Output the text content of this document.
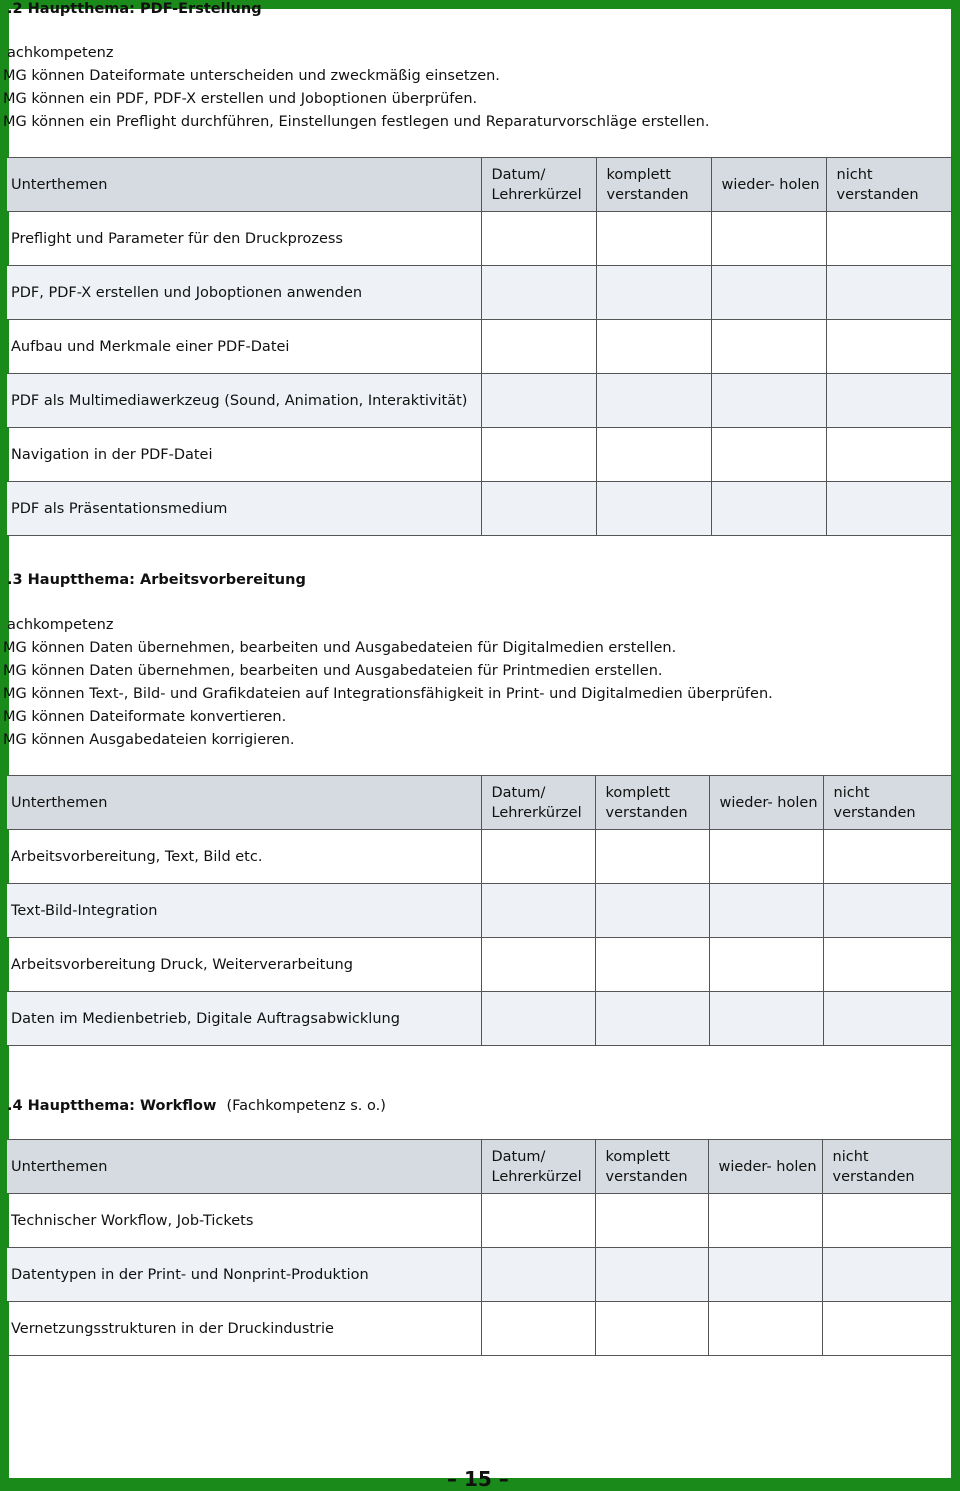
.2 Hauptthema: PDF-Erstellung
achkompetenz
MG können Dateiformate unterscheiden und zweckmäßig einsetzen.
MG können ein PDF, PDF-X erstellen und Joboptionen überprüfen.
MG können ein Preflight durchführen, Einstellungen festlegen und Reparaturvorschläge erstellen.
Unterthemen	Datum/ Lehrerkürzel	komplett verstanden	wieder- holen	nicht verstanden
Preflight und Parameter für den Druckprozess				
PDF, PDF-X erstellen und Joboptionen anwenden				
Aufbau und Merkmale einer PDF-Datei				
PDF als Multimediawerkzeug (Sound, Animation, Interaktivität)				
Navigation in der PDF-Datei				
PDF als Präsentationsmedium				
.3 Hauptthema: Arbeitsvorbereitung
achkompetenz
MG können Daten übernehmen, bearbeiten und Ausgabedateien für Digitalmedien erstellen.
MG können Daten übernehmen, bearbeiten und Ausgabedateien für Printmedien erstellen.
MG können Text-, Bild- und Grafikdateien auf Integrationsfähigkeit in Print- und Digitalmedien überprüfen.
MG können Dateiformate konvertieren.
MG können Ausgabedateien korrigieren.
Unterthemen	Datum/ Lehrerkürzel	komplett verstanden	wieder- holen	nicht verstanden
Arbeitsvorbereitung, Text, Bild etc.				
Text-Bild-Integration				
Arbeitsvorbereitung Druck, Weiterverarbeitung				
Daten im Medienbetrieb, Digitale Auftragsabwicklung				
.4 Hauptthema: Workflow (Fachkompetenz s. o.)
Unterthemen	Datum/ Lehrerkürzel	komplett verstanden	wieder- holen	nicht verstanden
Technischer Workflow, Job-Tickets				
Datentypen in der Print- und Nonprint-Produktion				
Vernetzungsstrukturen in der Druckindustrie				
– 15 –
